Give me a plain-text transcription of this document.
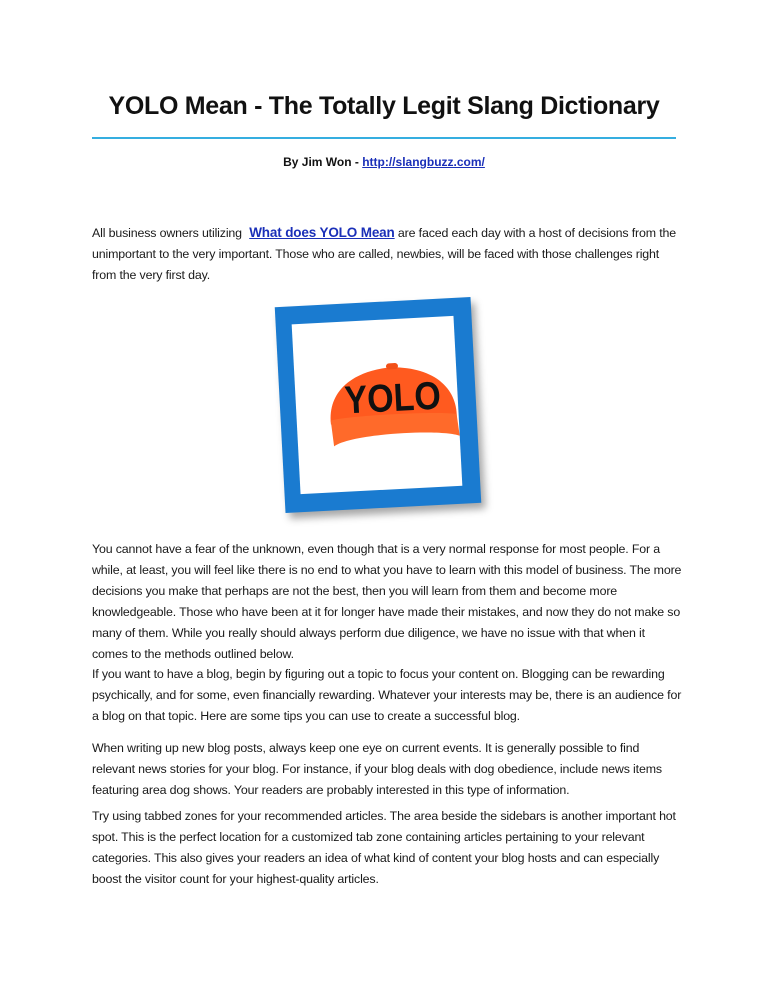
YOLO Mean - The Totally Legit Slang Dictionary
By Jim Won - http://slangbuzz.com/

All business owners utilizing What does YOLO Mean are faced each day with a host of decisions from the unimportant to the very important. Those who are called, newbies, will be faced with those challenges right from the very first day.

YOLO

You cannot have a fear of the unknown, even though that is a very normal response for most people. For a while, at least, you will feel like there is no end to what you have to learn with this model of business. The more decisions you make that perhaps are not the best, then you will learn from them and become more knowledgeable. Those who have been at it for longer have made their mistakes, and now they do not make so many of them. While you really should always perform due diligence, we have no issue with that when it comes to the methods outlined below.

If you want to have a blog, begin by figuring out a topic to focus your content on. Blogging can be rewarding psychically, and for some, even financially rewarding. Whatever your interests may be, there is an audience for a blog on that topic. Here are some tips you can use to create a successful blog.

When writing up new blog posts, always keep one eye on current events. It is generally possible to find relevant news stories for your blog. For instance, if your blog deals with dog obedience, include news items featuring area dog shows. Your readers are probably interested in this type of information.

Try using tabbed zones for your recommended articles. The area beside the sidebars is another important hot spot. This is the perfect location for a customized tab zone containing articles pertaining to your relevant categories. This also gives your readers an idea of what kind of content your blog hosts and can especially boost the visitor count for your highest-quality articles.
